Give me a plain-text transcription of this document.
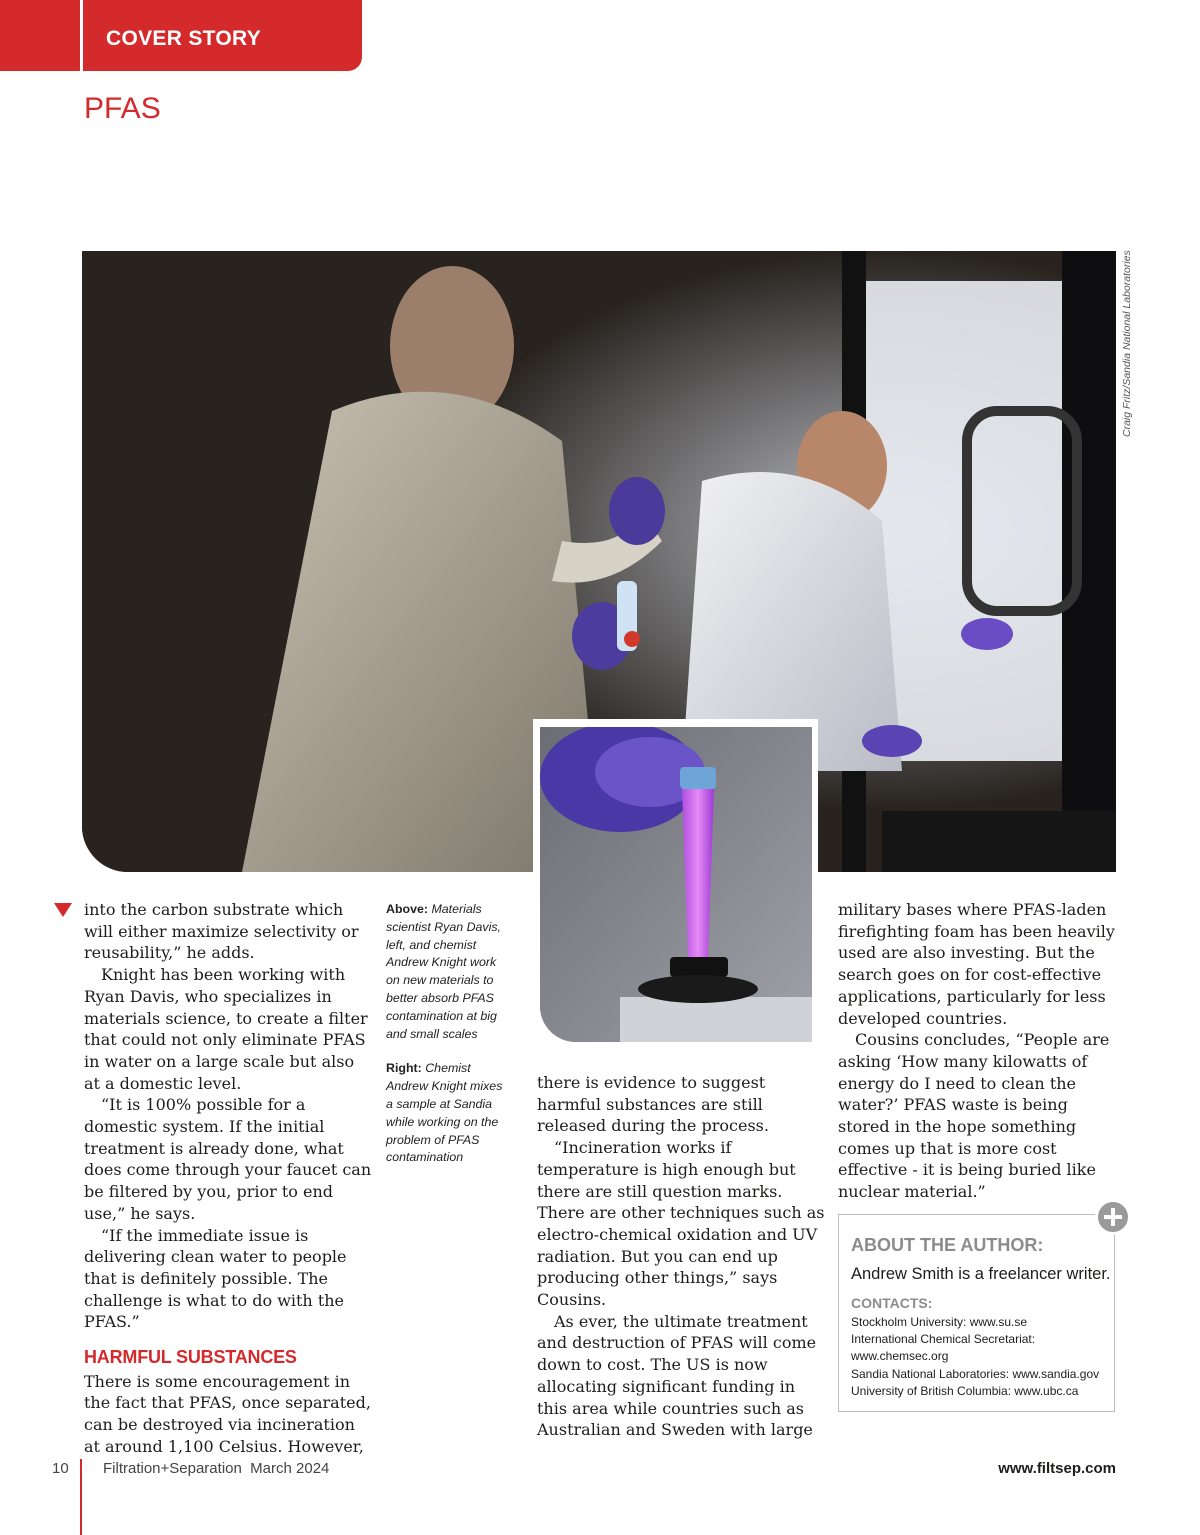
COVER STORY
PFAS
Craig Fritz/Sandia National Laboratories

into the carbon substrate which will either maximize selectivity or reusability,” he adds.

Knight has been working with Ryan Davis, who specializes in materials science, to create a filter that could not only eliminate PFAS in water on a large scale but also at a domestic level.

“It is 100% possible for a domestic system. If the initial treatment is already done, what does come through your faucet can be filtered by you, prior to end use,” he says.

“If the immediate issue is delivering clean water to people that is definitely possible. The challenge is what to do with the PFAS.”

HARMFUL SUBSTANCES

There is some encouragement in the fact that PFAS, once separated, can be destroyed via incineration at around 1,100 Celsius. However,

Above: Materials scientist Ryan Davis, left, and chemist Andrew Knight work on new materials to better absorb PFAS contamination at big and small scales

Right: Chemist Andrew Knight mixes a sample at Sandia while working on the problem of PFAS contamination

there is evidence to suggest harmful substances are still released during the process.

“Incineration works if temperature is high enough but there are still question marks. There are other techniques such as electro-chemical oxidation and UV radiation. But you can end up producing other things,” says Cousins.

As ever, the ultimate treatment and destruction of PFAS will come down to cost. The US is now allocating significant funding in this area while countries such as Australian and Sweden with large

military bases where PFAS-laden firefighting foam has been heavily used are also investing. But the search goes on for cost-effective applications, particularly for less developed countries.

Cousins concludes, “People are asking ‘How many kilowatts of energy do I need to clean the water?’ PFAS waste is being stored in the hope something comes up that is more cost effective - it is being buried like nuclear material.”

ABOUT THE AUTHOR:
Andrew Smith is a freelancer writer.
CONTACTS:
Stockholm University: www.su.se
International Chemical Secretariat: www.chemsec.org
Sandia National Laboratories: www.sandia.gov
University of British Columbia: www.ubc.ca
10 Filtration+Separation  March 2024	www.filtsep.com
